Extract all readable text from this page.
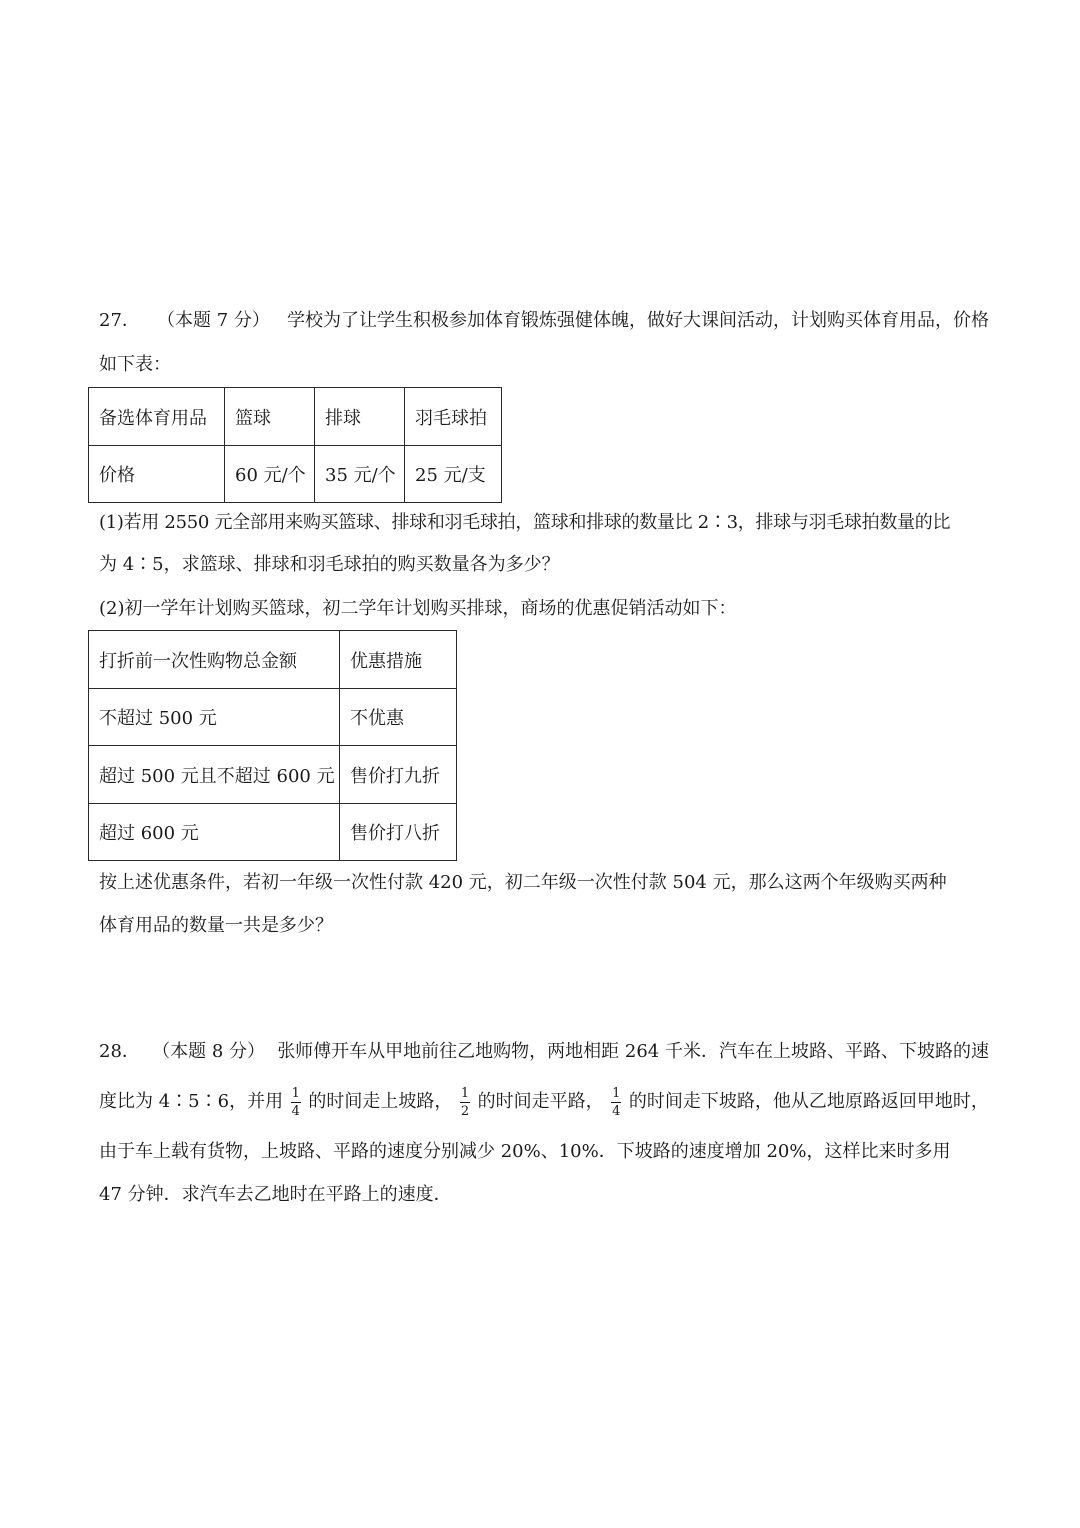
27． （本题 7 分） 学校为了让学生积极参加体育锻炼强健体魄，做好大课间活动，计划购买体育用品，价格
如下表：
备选体育用品	篮球	排球	羽毛球拍
价格	60 元/个	35 元/个	25 元/支
(1)若用 2550 元全部用来购买篮球、排球和羽毛球拍，篮球和排球的数量比 2∶3，排球与羽毛球拍数量的比
为 4∶5，求篮球、排球和羽毛球拍的购买数量各为多少？
(2)初一学年计划购买篮球，初二学年计划购买排球，商场的优惠促销活动如下：
打折前一次性购物总金额	优惠措施
不超过 500 元	不优惠
超过 500 元且不超过 600 元	售价打九折
超过 600 元	售价打八折
按上述优惠条件，若初一年级一次性付款 420 元，初二年级一次性付款 504 元，那么这两个年级购买两种
体育用品的数量一共是多少？
28． （本题 8 分） 张师傅开车从甲地前往乙地购物，两地相距 264 千米．汽车在上坡路、平路、下坡路的速
度比为 4∶5∶6，并用 $\frac{1}{4}$ 的时间走上坡路， $\frac{1}{2}$ 的时间走平路， $\frac{1}{4}$ 的时间走下坡路，他从乙地原路返回甲地时，
由于车上载有货物，上坡路、平路的速度分别减少 20%、10%．下坡路的速度增加 20%，这样比来时多用
47 分钟．求汽车去乙地时在平路上的速度．
